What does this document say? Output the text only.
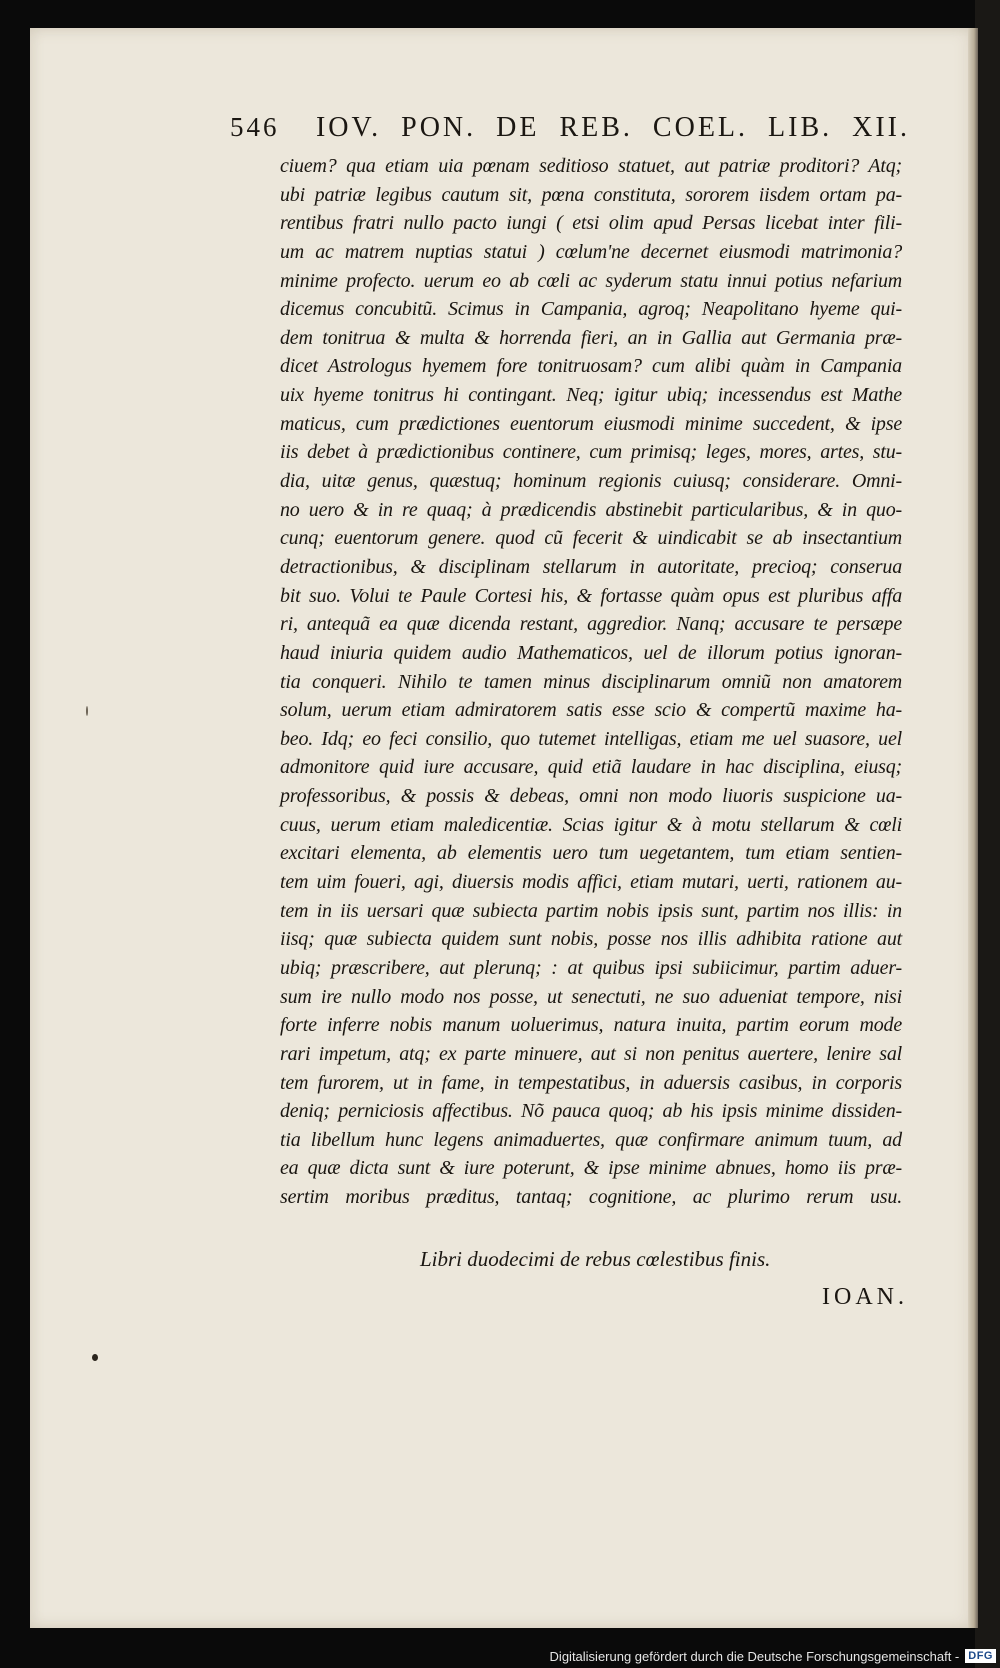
546 IOV. PON. DE REB. COEL. LIB. XII.
ciuem? qua etiam uia pœnam seditioso statuet, aut patriæ proditori? Atq;
ubi patriæ legibus cautum sit, pœna constituta, sororem iisdem ortam pa-
rentibus fratri nullo pacto iungi ( etsi olim apud Persas licebat inter fili-
um ac matrem nuptias statui ) cœlum'ne decernet eiusmodi matrimonia?
minime profecto. uerum eo ab cœli ac syderum statu innui potius nefarium
dicemus concubitũ. Scimus in Campania, agroq; Neapolitano hyeme qui-
dem tonitrua & multa & horrenda fieri, an in Gallia aut Germania præ-
dicet Astrologus hyemem fore tonitruosam? cum alibi quàm in Campania
uix hyeme tonitrus hi contingant. Neq; igitur ubiq; incessendus est Mathe
maticus, cum prædictiones euentorum eiusmodi minime succedent, & ipse
iis debet à prædictionibus continere, cum primisq; leges, mores, artes, stu-
dia, uitæ genus, quæstuq; hominum regionis cuiusq; considerare. Omni-
no uero & in re quaq; à prædicendis abstinebit particularibus, & in quo-
cunq; euentorum genere. quod cũ fecerit & uindicabit se ab insectantium
detractionibus, & disciplinam stellarum in autoritate, precioq; conserua
bit suo. Volui te Paule Cortesi his, & fortasse quàm opus est pluribus affa
ri, antequã ea quæ dicenda restant, aggredior. Nanq; accusare te persæpe
haud iniuria quidem audio Mathematicos, uel de illorum potius ignoran-
tia conqueri. Nihilo te tamen minus disciplinarum omniũ non amatorem
solum, uerum etiam admiratorem satis esse scio & compertũ maxime ha-
beo. Idq; eo feci consilio, quo tutemet intelligas, etiam me uel suasore, uel
admonitore quid iure accusare, quid etiã laudare in hac disciplina, eiusq;
professoribus, & possis & debeas, omni non modo liuoris suspicione ua-
cuus, uerum etiam maledicentiæ. Scias igitur & à motu stellarum & cœli
excitari elementa, ab elementis uero tum uegetantem, tum etiam sentien-
tem uim foueri, agi, diuersis modis affici, etiam mutari, uerti, rationem au-
tem in iis uersari quæ subiecta partim nobis ipsis sunt, partim nos illis: in
iisq; quæ subiecta quidem sunt nobis, posse nos illis adhibita ratione aut
ubiq; præscribere, aut plerunq; : at quibus ipsi subiicimur, partim aduer-
sum ire nullo modo nos posse, ut senectuti, ne suo adueniat tempore, nisi
forte inferre nobis manum uoluerimus, natura inuita, partim eorum mode
rari impetum, atq; ex parte minuere, aut si non penitus auertere, lenire sal
tem furorem, ut in fame, in tempestatibus, in aduersis casibus, in corporis
deniq; perniciosis affectibus. Nõ pauca quoq; ab his ipsis minime dissiden-
tia libellum hunc legens animaduertes, quæ confirmare animum tuum, ad
ea quæ dicta sunt & iure poterunt, & ipse minime abnues, homo iis præ-
sertim moribus præditus, tantaq; cognitione, ac plurimo rerum usu.
Libri duodecimi de rebus cœlestibus finis.
IOAN.
Digitalisierung gefördert durch die Deutsche Forschungsgemeinschaft - DFG
